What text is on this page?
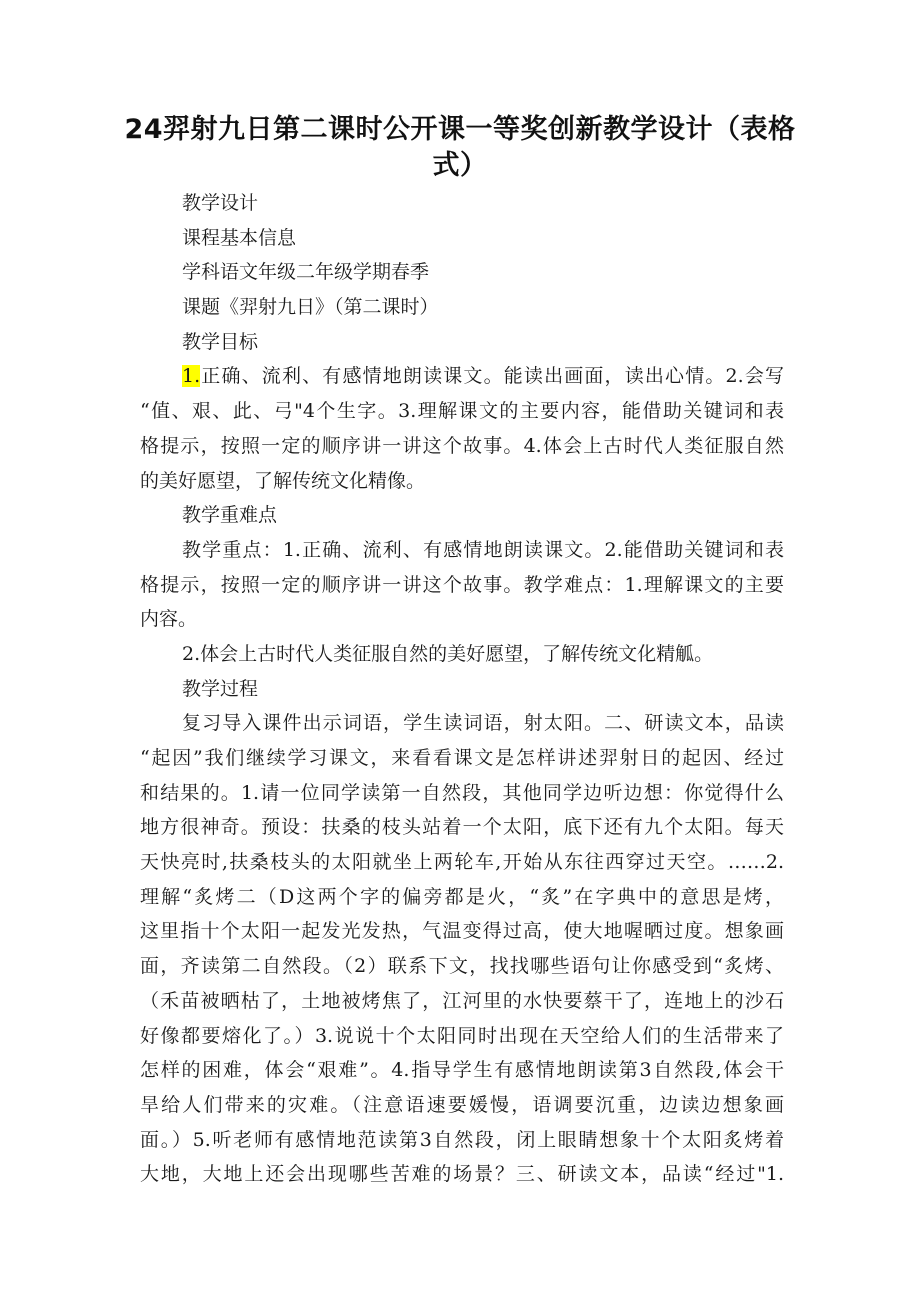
24羿射九日第二课时公开课一等奖创新教学设计（表格式）

教学设计

课程基本信息

学科语文年级二年级学期春季

课题《羿射九日》（第二课时）

教学目标

1.正确、流利、有感情地朗读课文。能读出画面，读出心情。2.会写

“值、艰、此、弓"4个生字。3.理解课文的主要内容，能借助关键词和表

格提示，按照一定的顺序讲一讲这个故事。4.体会上古时代人类征服自然

的美好愿望，了解传统文化精像。

教学重难点

教学重点：1.正确、流利、有感情地朗读课文。2.能借助关键词和表

格提示，按照一定的顺序讲一讲这个故事。教学难点：1.理解课文的主要

内容。

2.体会上古时代人类征服自然的美好愿望，了解传统文化精觚。

教学过程

复习导入课件出示词语，学生读词语，射太阳。二、研读文本，品读

“起因”我们继续学习课文，来看看课文是怎样讲述羿射日的起因、经过

和结果的。1.请一位同学读第一自然段，其他同学边听边想：你觉得什么

地方很神奇。预设：扶桑的枝头站着一个太阳，底下还有九个太阳。每天

天快亮时,扶桑枝头的太阳就坐上两轮车,开始从东往西穿过天空。……2.

理解“炙烤二（D这两个字的偏旁都是火，“炙”在字典中的意思是烤，

这里指十个太阳一起发光发热，气温变得过高，使大地喔晒过度。想象画

面，齐读第二自然段。（2）联系下文，找找哪些语句让你感受到“炙烤、

（禾苗被晒枯了，土地被烤焦了，江河里的水快要蔡干了，连地上的沙石

好像都要熔化了。）3.说说十个太阳同时出现在天空给人们的生活带来了

怎样的困难，体会“艰难”。4.指导学生有感情地朗读第3自然段,体会干

旱给人们带来的灾难。（注意语速要媛慢，语调要沉重，边读边想象画

面。）5.听老师有感情地范读第3自然段，闭上眼睛想象十个太阳炙烤着

大地，大地上还会出现哪些苦难的场景？三、研读文本，品读“经过"1.
